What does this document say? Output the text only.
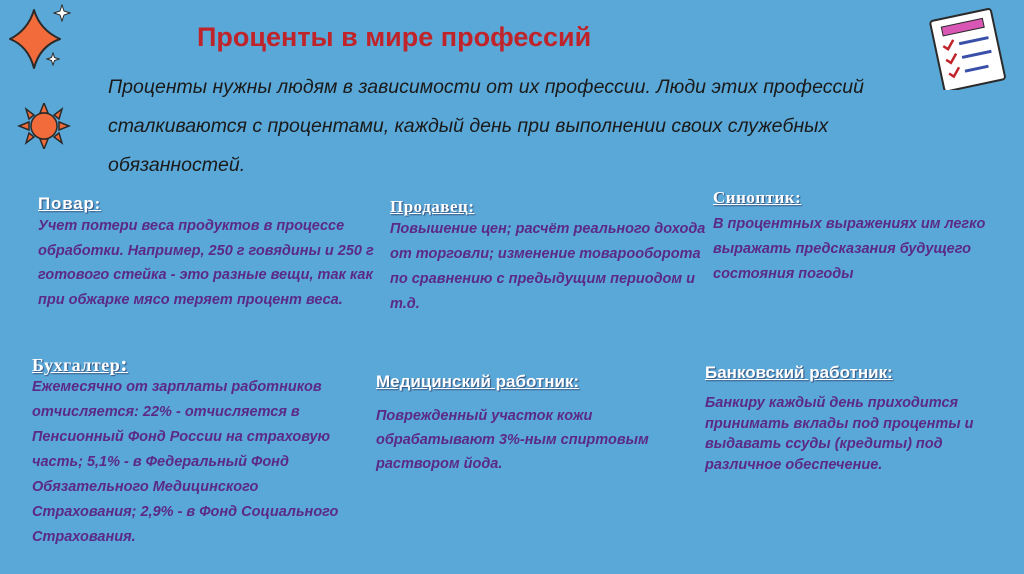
Проценты в мире профессий
Проценты нужны людям в зависимости от их профессии. Люди этих профессий сталкиваются с процентами, каждый день при выполнении своих служебных обязанностей.
Повар:
Учет потери веса продуктов в процессе обработки. Например, 250 г говядины и 250 г готового стейка - это разные вещи, так как при обжарке мясо теряет процент веса.
Продавец:
Повышение цен; расчёт реального дохода от торговли; изменение товарооборота по сравнению с предыдущим периодом и т.д.
Синоптик:
В процентных выражениях им легко выражать предсказания будущего состояния погоды
Бухгалтер:
Ежемесячно от зарплаты работников отчисляется: 22% - отчисляется в Пенсионный Фонд России на страховую часть; 5,1% - в Федеральный Фонд Обязательного Медицинского Страхования; 2,9% - в Фонд Социального Страхования.
Медицинский работник:
Поврежденный участок кожи обрабатывают 3%-ным спиртовым раствором йода.
Банковский работник:
Банкиру каждый день приходится принимать вклады под проценты и выдавать ссуды (кредиты) под различное обеспечение.
